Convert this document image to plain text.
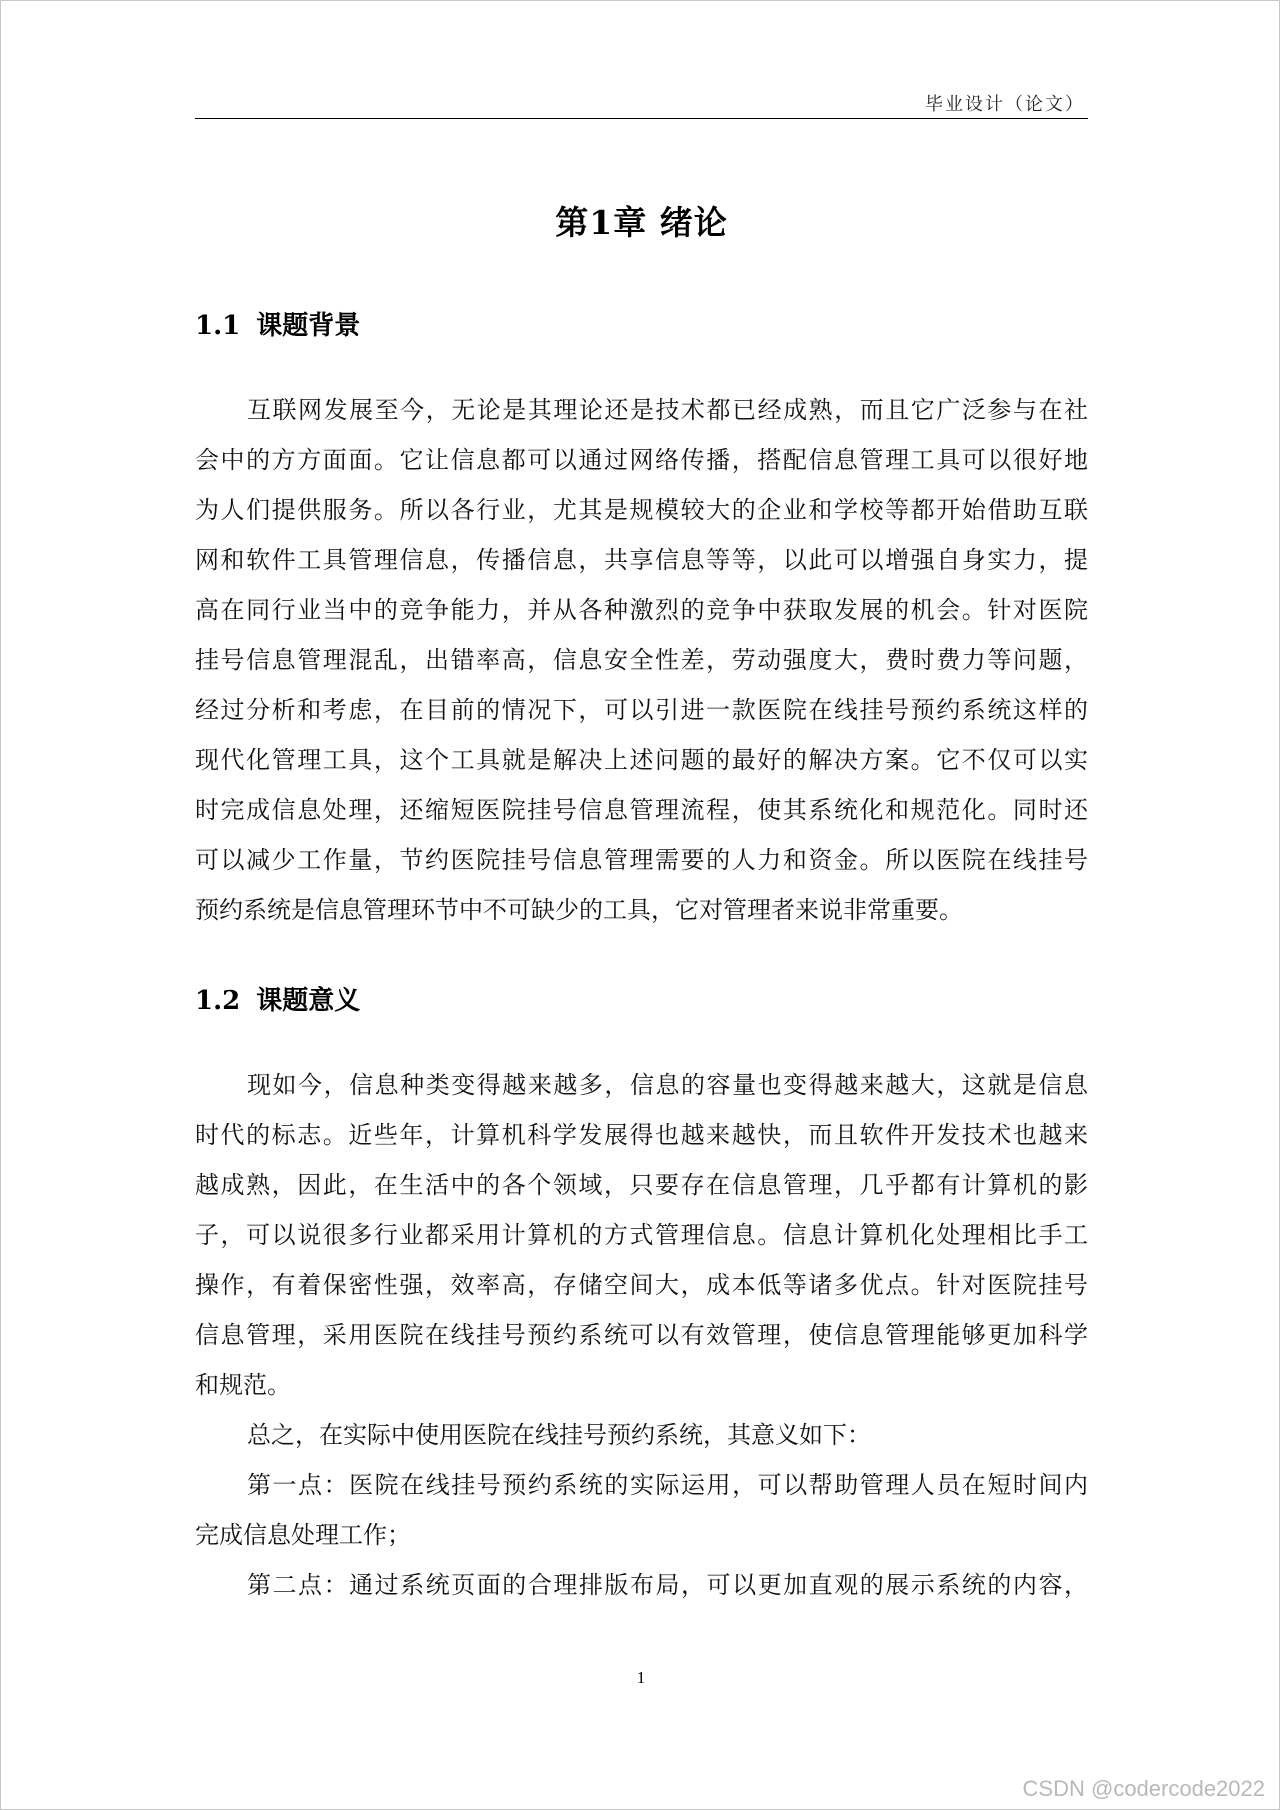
毕业设计（论文）
第1章 绪论
1.1 课题背景
互联网发展至今，无论是其理论还是技术都已经成熟，而且它广泛参与在社
会中的方方面面。它让信息都可以通过网络传播，搭配信息管理工具可以很好地
为人们提供服务。所以各行业，尤其是规模较大的企业和学校等都开始借助互联
网和软件工具管理信息，传播信息，共享信息等等，以此可以增强自身实力，提
高在同行业当中的竞争能力，并从各种激烈的竞争中获取发展的机会。针对医院
挂号信息管理混乱，出错率高，信息安全性差，劳动强度大，费时费力等问题，
经过分析和考虑，在目前的情况下，可以引进一款医院在线挂号预约系统这样的
现代化管理工具，这个工具就是解决上述问题的最好的解决方案。它不仅可以实
时完成信息处理，还缩短医院挂号信息管理流程，使其系统化和规范化。同时还
可以减少工作量，节约医院挂号信息管理需要的人力和资金。所以医院在线挂号
预约系统是信息管理环节中不可缺少的工具，它对管理者来说非常重要。
1.2 课题意义
现如今，信息种类变得越来越多，信息的容量也变得越来越大，这就是信息
时代的标志。近些年，计算机科学发展得也越来越快，而且软件开发技术也越来
越成熟，因此，在生活中的各个领域，只要存在信息管理，几乎都有计算机的影
子，可以说很多行业都采用计算机的方式管理信息。信息计算机化处理相比手工
操作，有着保密性强，效率高，存储空间大，成本低等诸多优点。针对医院挂号
信息管理，采用医院在线挂号预约系统可以有效管理，使信息管理能够更加科学
和规范。
总之，在实际中使用医院在线挂号预约系统，其意义如下：
第一点：医院在线挂号预约系统的实际运用，可以帮助管理人员在短时间内
完成信息处理工作；
第二点：通过系统页面的合理排版布局，可以更加直观的展示系统的内容，
1
CSDN @codercode2022
